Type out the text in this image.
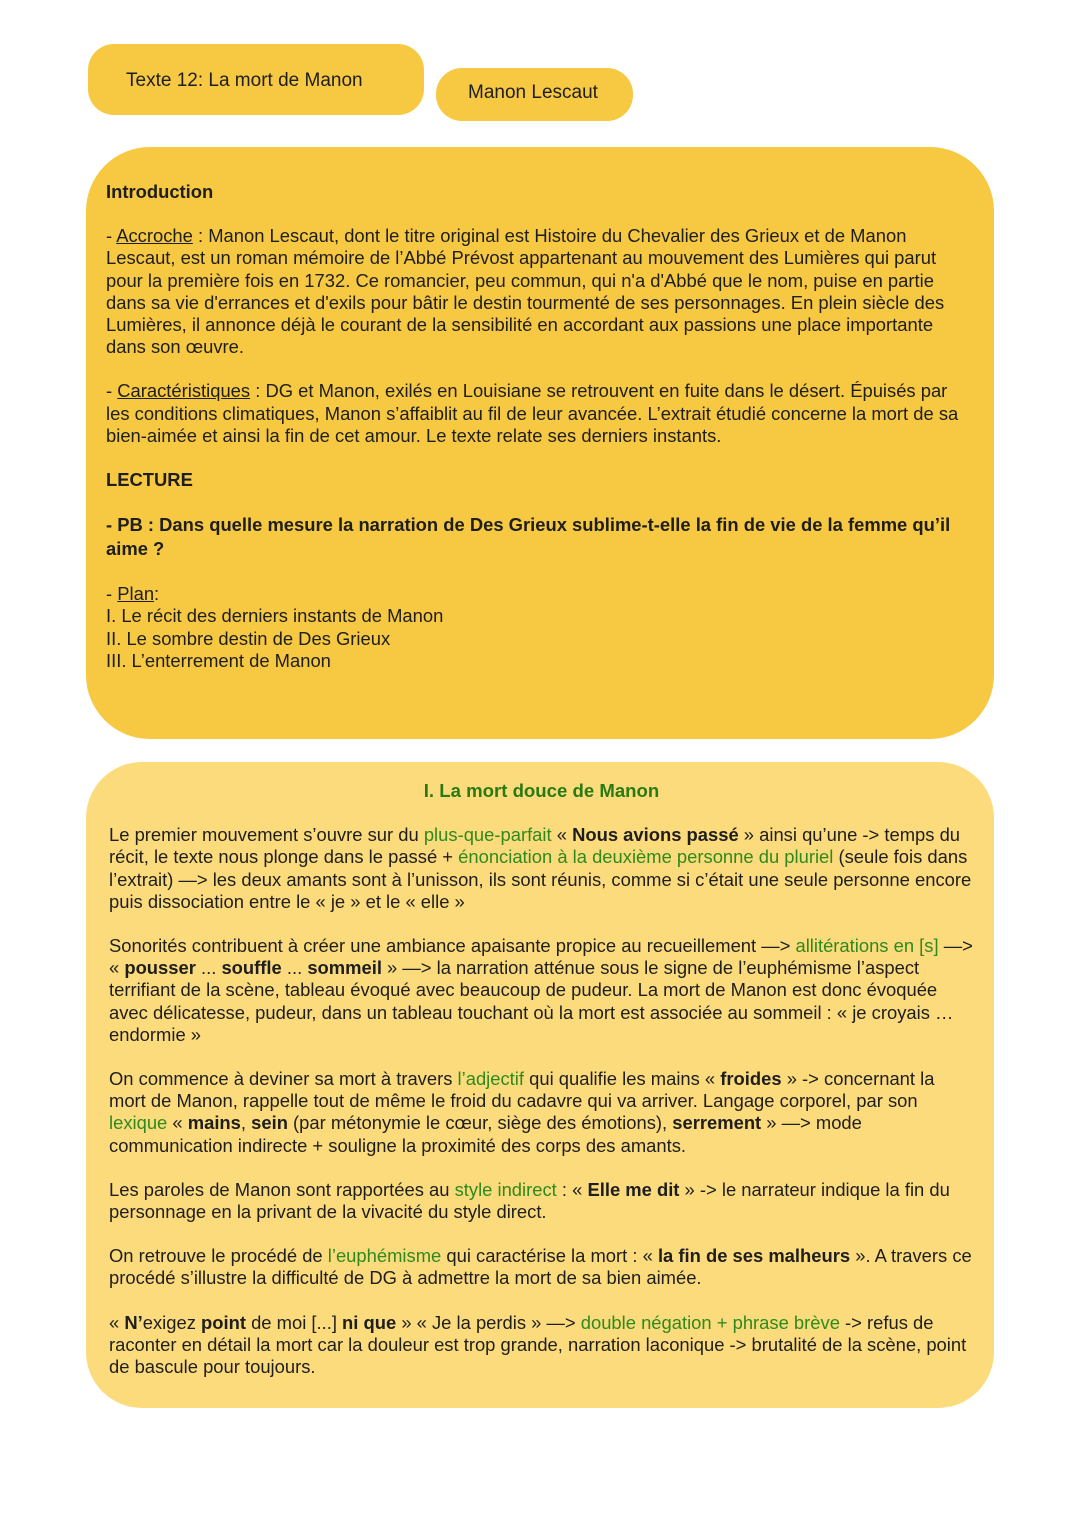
Texte 12: La mort de Manon
Manon Lescaut

Introduction

- Accroche : Manon Lescaut, dont le titre original est Histoire du Chevalier des Grieux et de Manon Lescaut, est un roman mémoire de l’Abbé Prévost appartenant au mouvement des Lumières qui parut pour la première fois en 1732. Ce romancier, peu commun, qui n'a d'Abbé que le nom, puise en partie dans sa vie d'errances et d'exils pour bâtir le destin tourmenté de ses personnages. En plein siècle des Lumières, il annonce déjà le courant de la sensibilité en accordant aux passions une place importante dans son œuvre.

- Caractéristiques : DG et Manon, exilés en Louisiane se retrouvent en fuite dans le désert. Épuisés par les conditions climatiques, Manon s’affaiblit au fil de leur avancée. L’extrait étudié concerne la mort de sa bien-aimée et ainsi la fin de cet amour. Le texte relate ses derniers instants.

LECTURE

- PB : Dans quelle mesure la narration de Des Grieux sublime-t-elle la fin de vie de la femme qu’il aime ?

- Plan:

I. Le récit des derniers instants de Manon

II. Le sombre destin de Des Grieux

III. L’enterrement de Manon

I. La mort douce de Manon

Le premier mouvement s’ouvre sur du plus-que-parfait « Nous avions passé » ainsi qu’une -> temps du récit, le texte nous plonge dans le passé + énonciation à la deuxième personne du pluriel (seule fois dans l’extrait) —> les deux amants sont à l’unisson, ils sont réunis, comme si c’était une seule personne encore puis dissociation entre le « je » et le « elle »

Sonorités contribuent à créer une ambiance apaisante propice au recueillement —> allitérations en [s] —> « pousser ... souffle ... sommeil » —> la narration atténue sous le signe de l’euphémisme l’aspect terrifiant de la scène, tableau évoqué avec beaucoup de pudeur. La mort de Manon est donc évoquée avec délicatesse, pudeur, dans un tableau touchant où la mort est associée au sommeil : « je croyais … endormie »

On commence à deviner sa mort à travers l’adjectif qui qualifie les mains « froides » -> concernant la mort de Manon, rappelle tout de même le froid du cadavre qui va arriver. Langage corporel, par son lexique « mains, sein (par métonymie le cœur, siège des émotions), serrement » —> mode communication indirecte + souligne la proximité des corps des amants.

Les paroles de Manon sont rapportées au style indirect : « Elle me dit » -> le narrateur indique la fin du personnage en la privant de la vivacité du style direct.

On retrouve le procédé de l’euphémisme qui caractérise la mort : « la fin de ses malheurs ». A travers ce procédé s’illustre la difficulté de DG à admettre la mort de sa bien aimée.

« N’exigez point de moi [...] ni que » « Je la perdis » —> double négation + phrase brève -> refus de raconter en détail la mort car la douleur est trop grande, narration laconique -> brutalité de la scène, point de bascule pour toujours.
